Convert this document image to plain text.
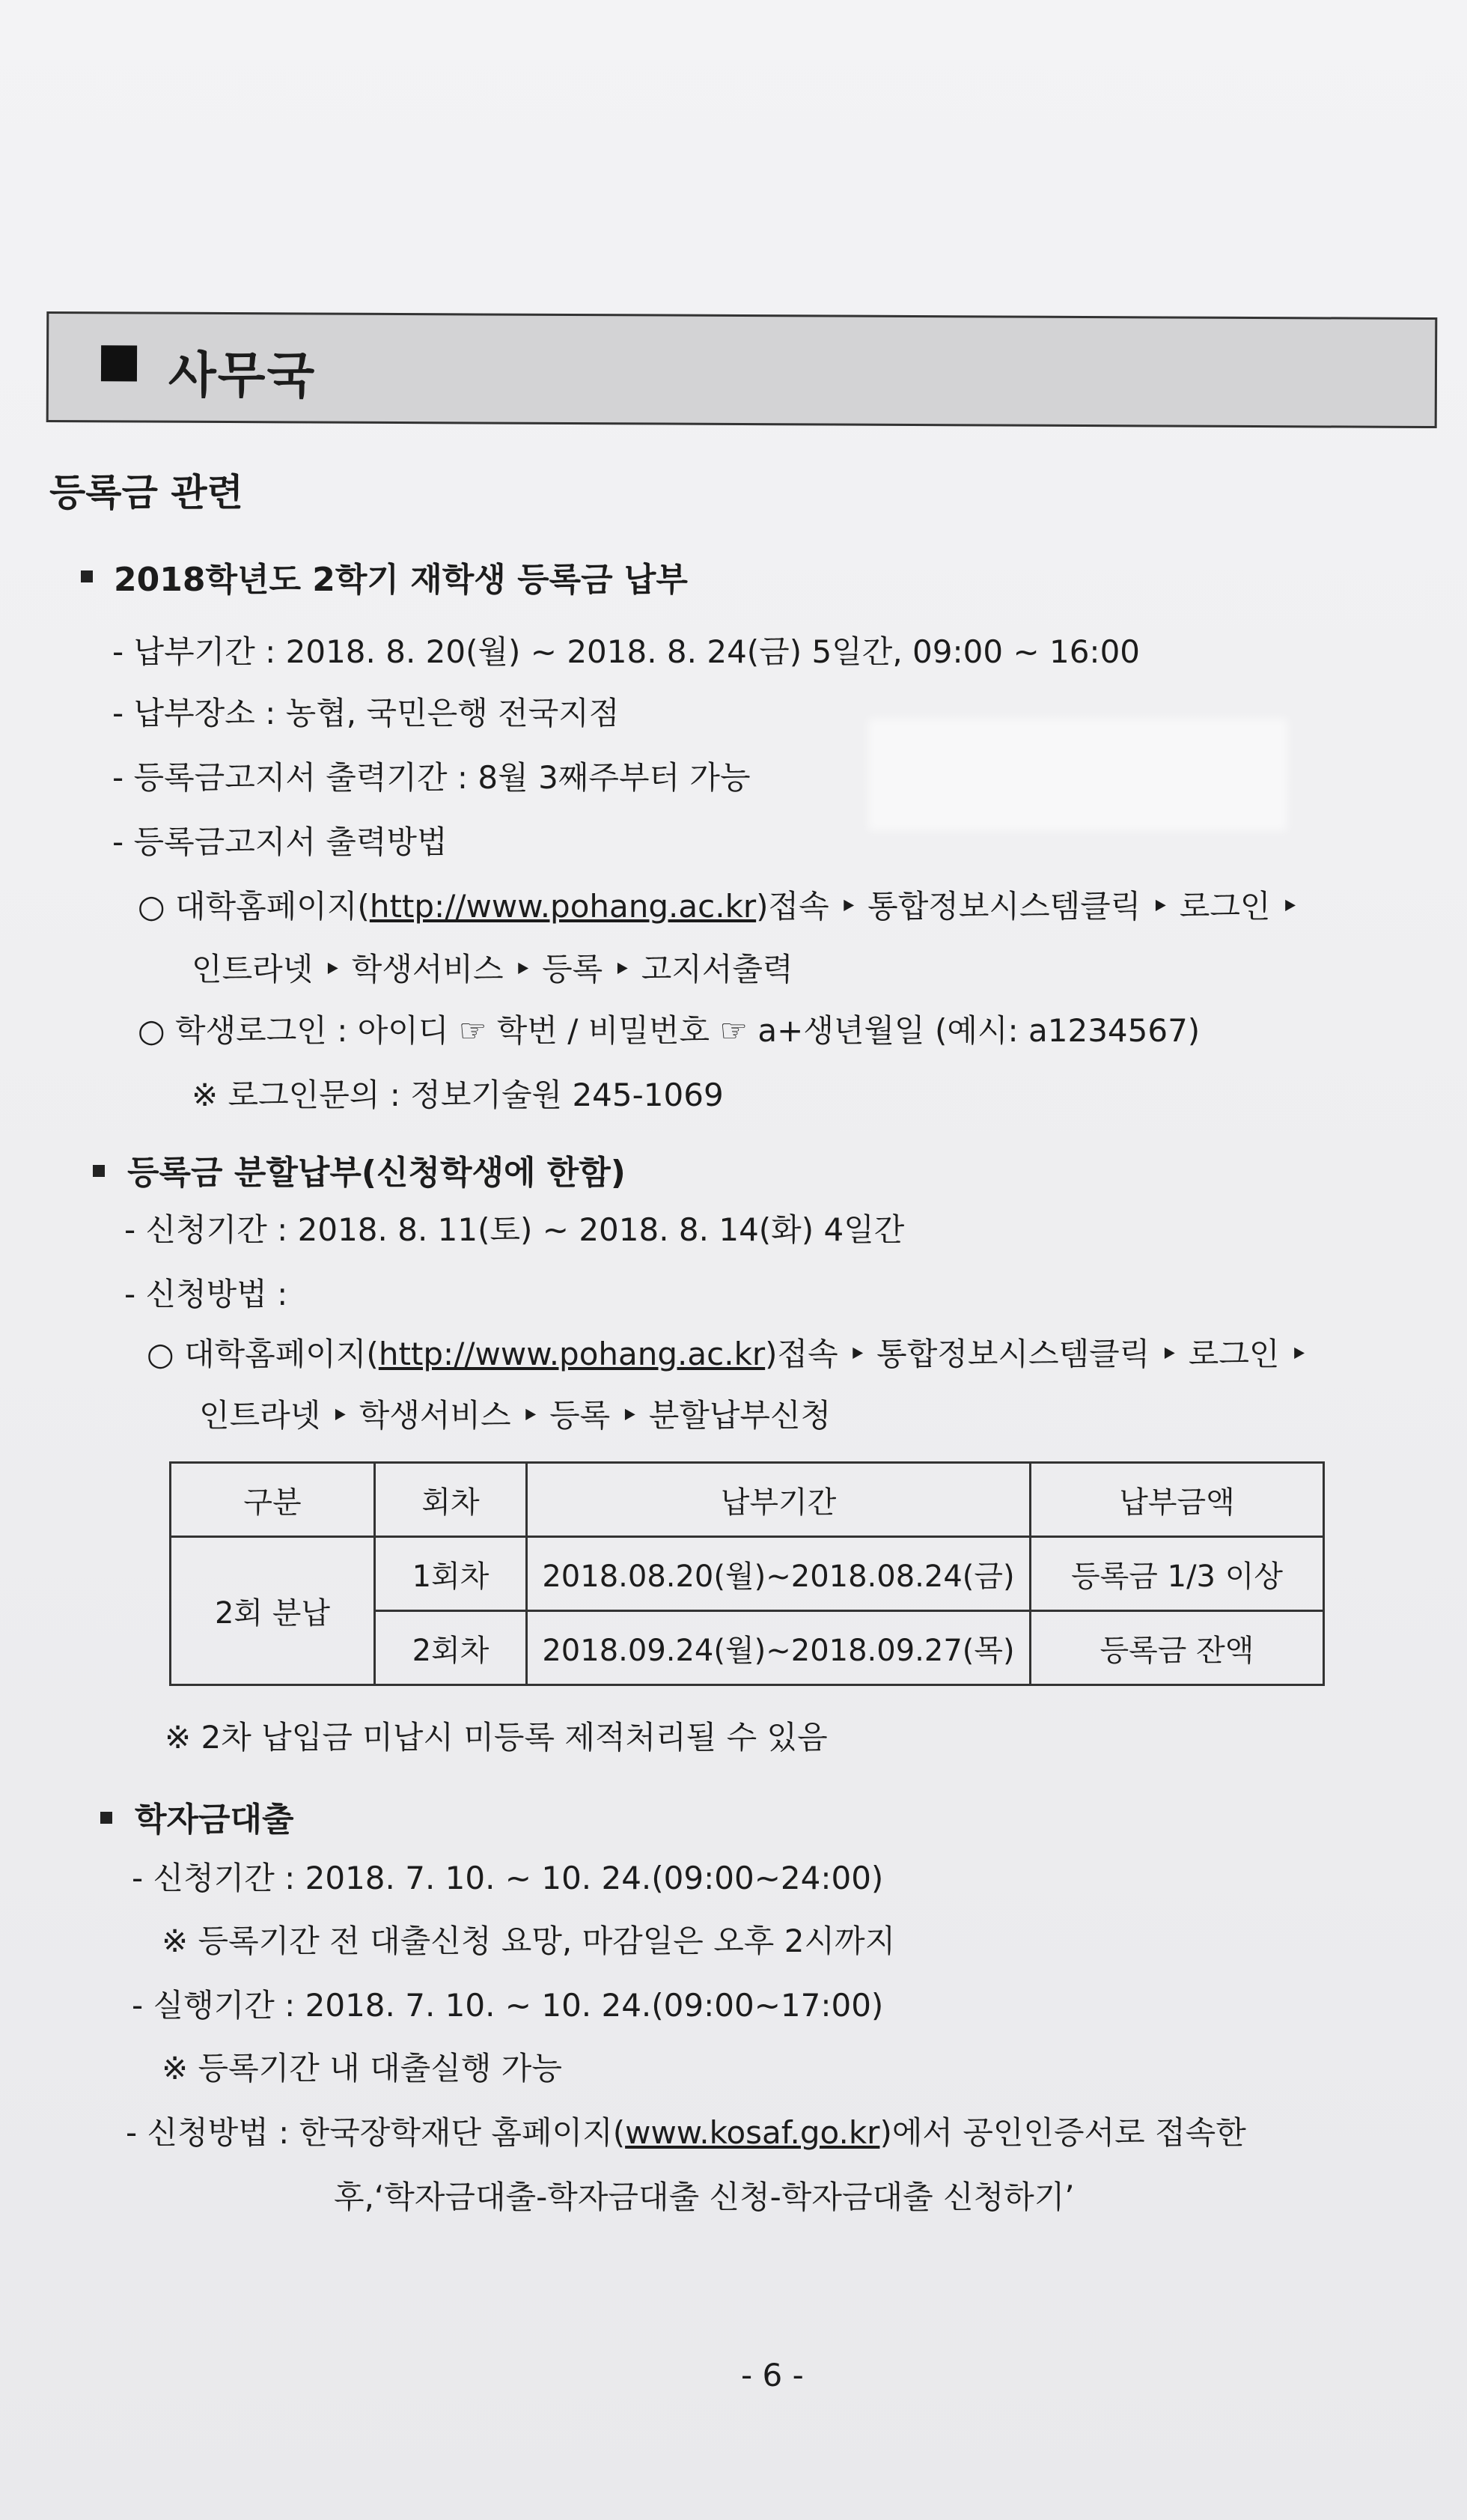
사무국
등록금 관련
2018학년도 2학기 재학생 등록금 납부
- 납부기간 : 2018. 8. 20(월) ~ 2018. 8. 24(금) 5일간, 09:00 ~ 16:00
- 납부장소 : 농협, 국민은행 전국지점
- 등록금고지서 출력기간 : 8월 3째주부터 가능
- 등록금고지서 출력방법
○ 대학홈페이지(http://www.pohang.ac.kr)접속 ‣ 통합정보시스템클릭 ‣ 로그인 ‣
인트라넷 ‣ 학생서비스 ‣ 등록 ‣ 고지서출력
○ 학생로그인 : 아이디 ☞ 학번 / 비밀번호 ☞ a+생년월일 (예시: a1234567)
※ 로그인문의 : 정보기술원 245-1069
등록금 분할납부(신청학생에 한함)
- 신청기간 : 2018. 8. 11(토) ~ 2018. 8. 14(화) 4일간
- 신청방법 :
○ 대학홈페이지(http://www.pohang.ac.kr)접속 ‣ 통합정보시스템클릭 ‣ 로그인 ‣
인트라넷 ‣ 학생서비스 ‣ 등록 ‣ 분할납부신청
구분	회차	납부기간	납부금액
2회 분납	1회차	2018.08.20(월)~2018.08.24(금)	등록금 1/3 이상
	2회차	2018.09.24(월)~2018.09.27(목)	등록금 잔액
※ 2차 납입금 미납시 미등록 제적처리될 수 있음
학자금대출
- 신청기간 : 2018. 7. 10. ~ 10. 24.(09:00~24:00)
※ 등록기간 전 대출신청 요망, 마감일은 오후 2시까지
- 실행기간 : 2018. 7. 10. ~ 10. 24.(09:00~17:00)
※ 등록기간 내 대출실행 가능
- 신청방법 : 한국장학재단 홈페이지(www.kosaf.go.kr)에서 공인인증서로 접속한
후,‘학자금대출-학자금대출 신청-학자금대출 신청하기’
- 6 -
